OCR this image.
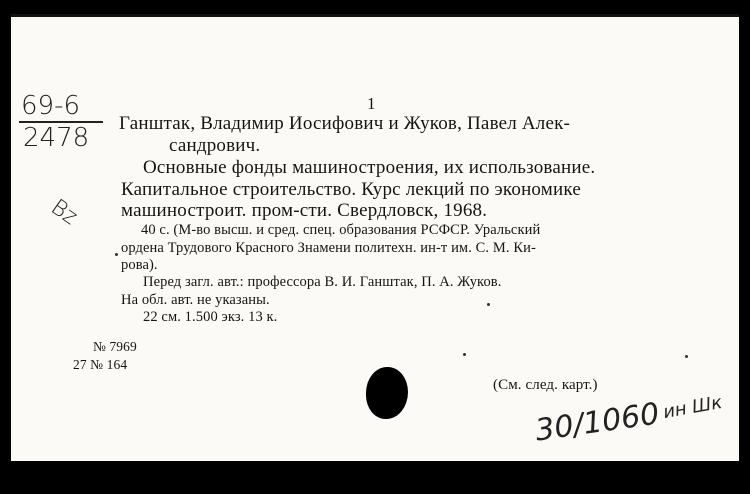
69-6
2478
Bz
1
Ганштак, Владимир Иосифович и Жуков, Павел Алек-
сандрович.
Основные фонды машиностроения, их использование.
Капитальное строительство. Курс лекций по экономике
машиностроит. пром-сти. Свердловск, 1968.
40 с. (М-во высш. и сред. спец. образования РСФСР. Уральский
ордена Трудового Красного Знамени политехн. ин-т им. С. М. Ки-
рова).
Перед загл. авт.: профессора В. И. Ганштак, П. А. Жуков.
На обл. авт. не указаны.
22 см. 1.500 экз. 13 к.
№ 7969
27 № 164
(См. след. карт.)
30/1060 ин Шк
